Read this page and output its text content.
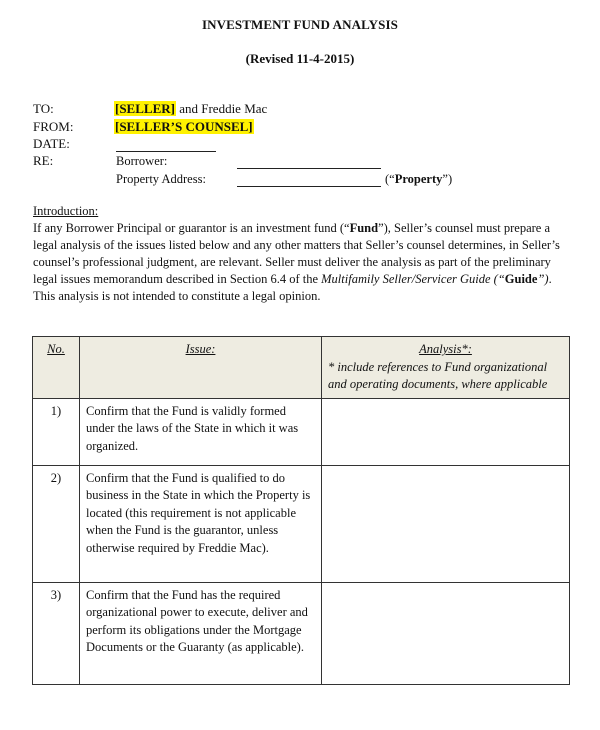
INVESTMENT FUND ANALYSIS
(Revised 11-4-2015)
TO:	[SELLER] and Freddie Mac
FROM:	[SELLER’S COUNSEL]
DATE:
RE:	Borrower:
Property Address:	(“Property”)
Introduction:

If any Borrower Principal or guarantor is an investment fund (“Fund”), Seller’s counsel must prepare a legal analysis of the issues listed below and any other matters that Seller’s counsel determines, in Seller’s counsel’s professional judgment, are relevant. Seller must deliver the analysis as part of the preliminary legal issues memorandum described in Section 6.4 of the Multifamily Seller/Servicer Guide (“Guide”). This analysis is not intended to constitute a legal opinion.

No.	Issue:	Analysis*:
* include references to Fund organizational and operating documents, where applicable

1)	Confirm that the Fund is validly formed under the laws of the State in which it was organized.	
2)	Confirm that the Fund is qualified to do business in the State in which the Property is located (this requirement is not applicable when the Fund is the guarantor, unless otherwise required by Freddie Mac).	
3)	Confirm that the Fund has the required organizational power to execute, deliver and perform its obligations under the Mortgage Documents or the Guaranty (as applicable).	
